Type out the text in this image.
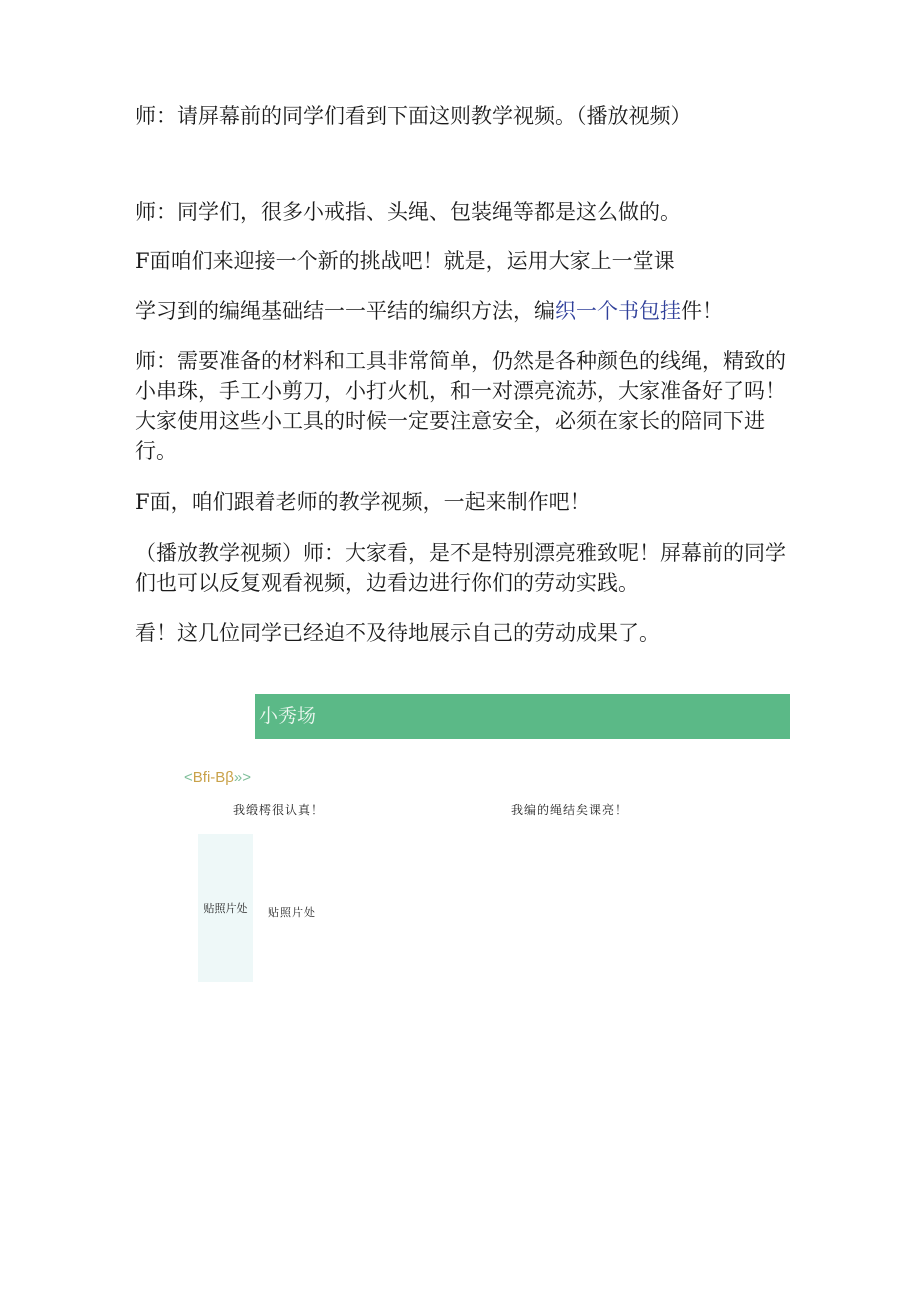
师：请屏幕前的同学们看到下面这则教学视频。（播放视频）

师：同学们，很多小戒指、头绳、包装绳等都是这么做的。

F面咱们来迎接一个新的挑战吧！就是，运用大家上一堂课

学习到的编绳基础结一一平结的编织方法，编织一个书包挂件！

师：需要准备的材料和工具非常简单，仍然是各种颜色的线绳，精致的小串珠，手工小剪刀，小打火机，和一对漂亮流苏，大家准备好了吗！大家使用这些小工具的时候一定要注意安全，必须在家长的陪同下进行。

F面，咱们跟着老师的教学视频，一起来制作吧！

（播放教学视频）师：大家看，是不是特别漂亮雅致呢！屏幕前的同学们也可以反复观看视频，边看边进行你们的劳动实践。

看！这几位同学已经迫不及待地展示自己的劳动成果了。

小秀场
<Bfi-Bβ»>
我缎樗很认真！	我编的绳结矣课亮！
贴照片处 贴照片处
